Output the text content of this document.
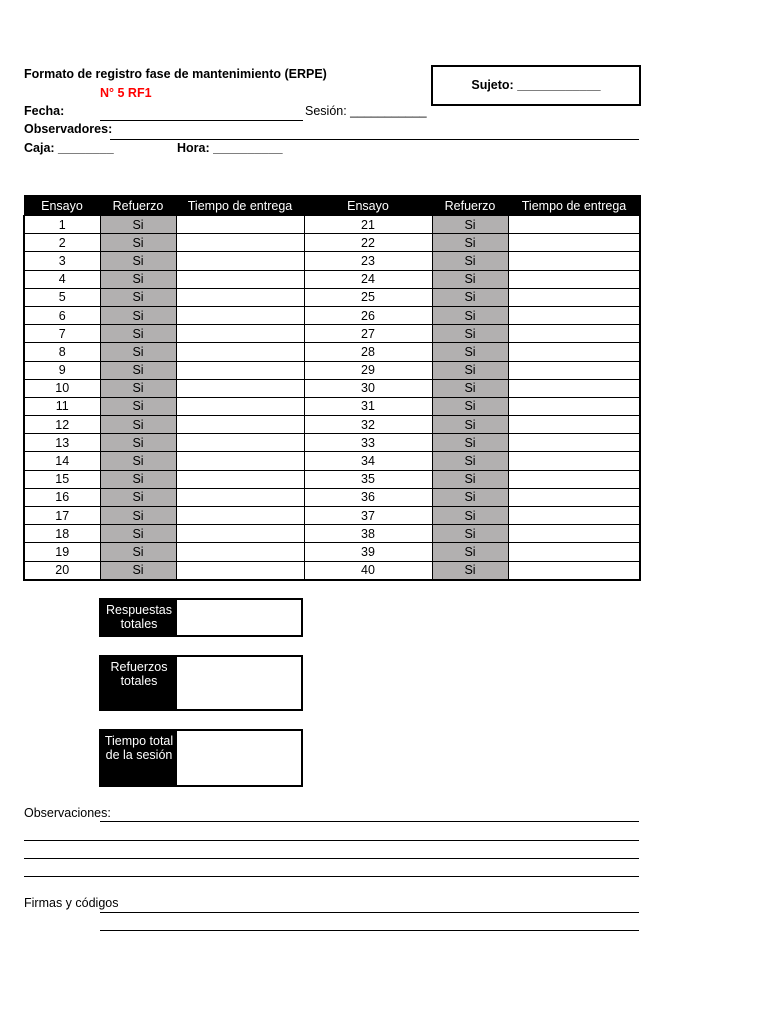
Formato de registro fase de mantenimiento (ERPE)
N° 5 RF1
Fecha:	Sesión: ___________
Observadores:
Caja: ________	Hora: __________
Sujeto: ____________
Ensayo	Refuerzo	Tiempo de entrega	Ensayo	Refuerzo	Tiempo de entrega
1	Si		21	Si	
2	Si		22	Si	
3	Si		23	Si	
4	Si		24	Si	
5	Si		25	Si	
6	Si		26	Si	
7	Si		27	Si	
8	Si		28	Si	
9	Si		29	Si	
10	Si		30	Si	
11	Si		31	Si	
12	Si		32	Si	
13	Si		33	Si	
14	Si		34	Si	
15	Si		35	Si	
16	Si		36	Si	
17	Si		37	Si	
18	Si		38	Si	
19	Si		39	Si	
20	Si		40	Si	
Respuestas totales
Refuerzos totales
Tiempo total de la sesión
Observaciones:
Firmas y códigos
